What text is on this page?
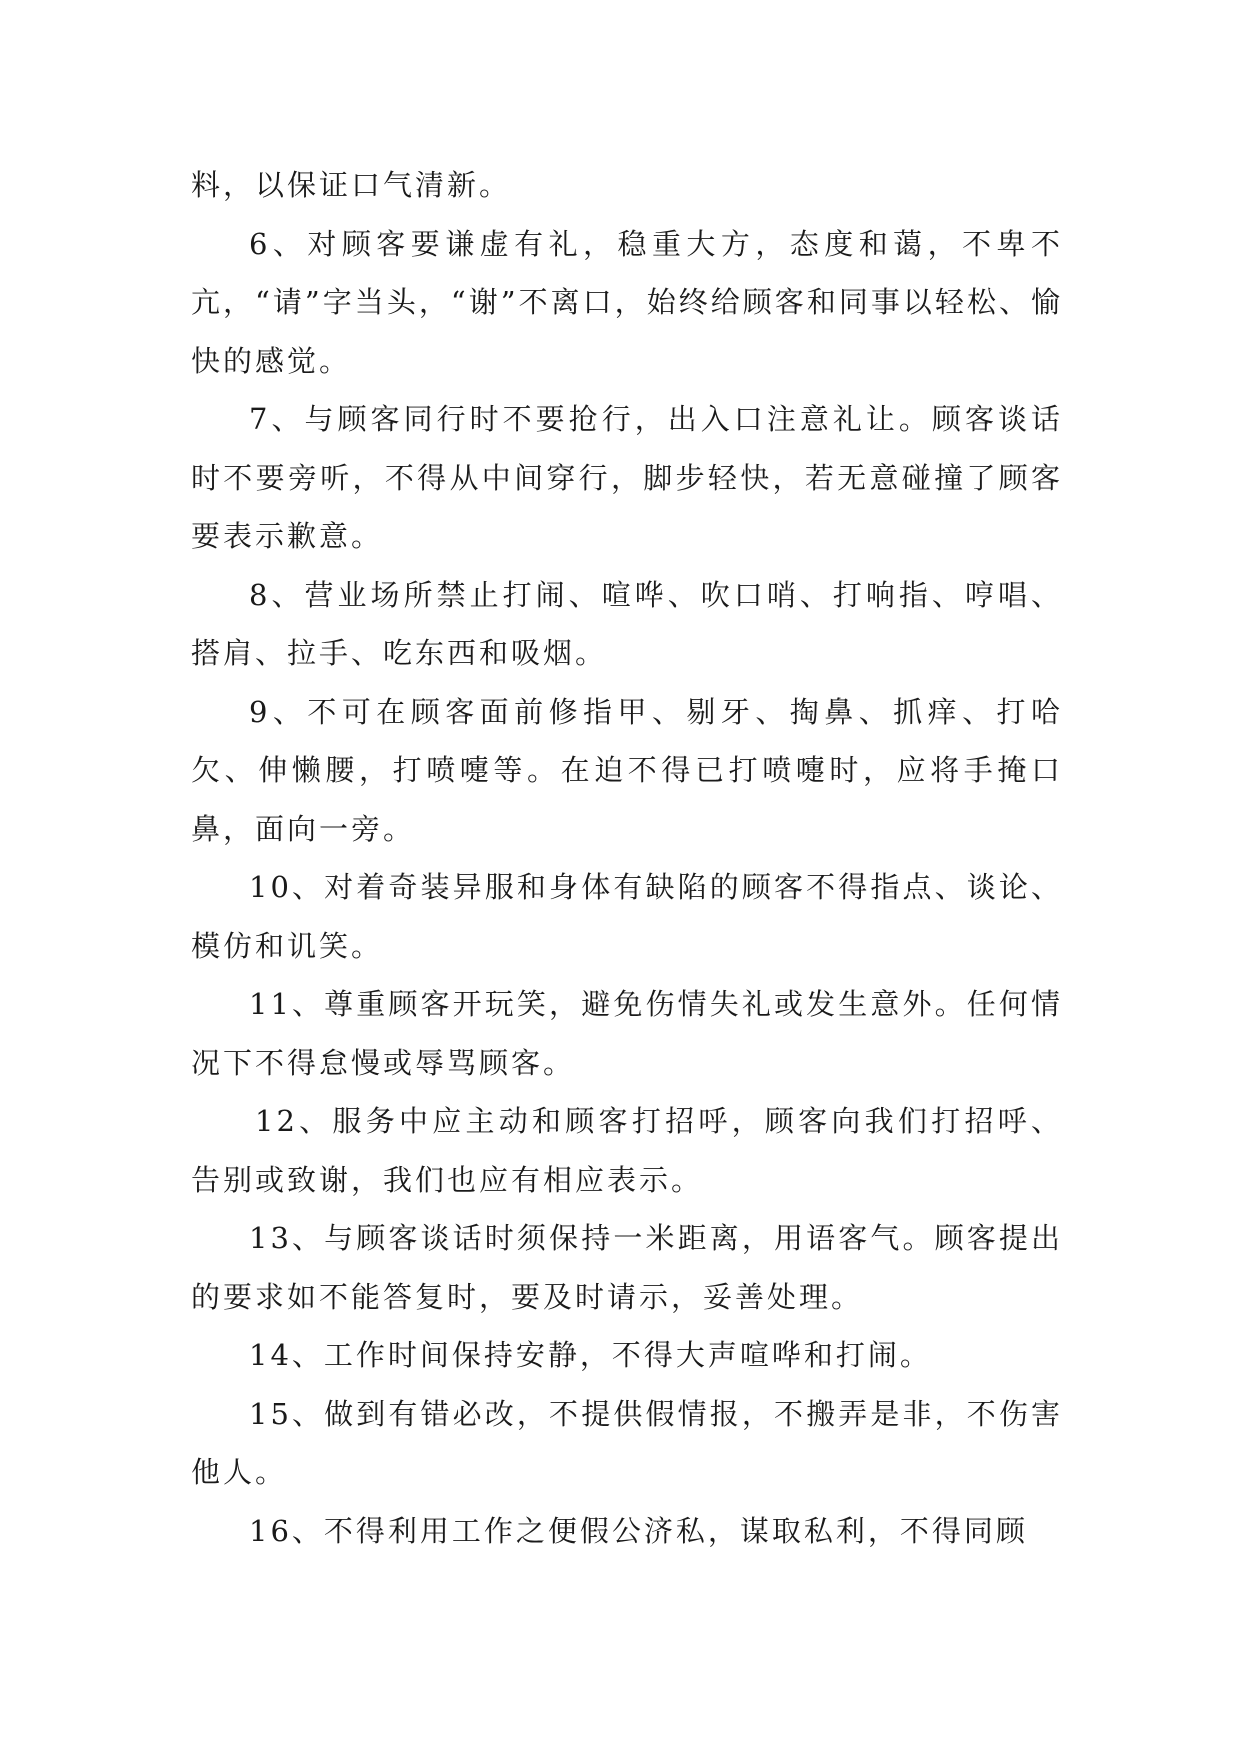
料，以保证口气清新。

6、对顾客要谦虚有礼，稳重大方，态度和蔼，不卑不亢，“请”字当头，“谢”不离口，始终给顾客和同事以轻松、愉快的感觉。

7、与顾客同行时不要抢行，出入口注意礼让。顾客谈话时不要旁听，不得从中间穿行，脚步轻快，若无意碰撞了顾客要表示歉意。

8、营业场所禁止打闹、喧哗、吹口哨、打响指、哼唱、搭肩、拉手、吃东西和吸烟。

9、不可在顾客面前修指甲、剔牙、掏鼻、抓痒、打哈欠、伸懒腰，打喷嚏等。在迫不得已打喷嚏时，应将手掩口鼻，面向一旁。

10、对着奇装异服和身体有缺陷的顾客不得指点、谈论、模仿和讥笑。

11、尊重顾客开玩笑，避免伤情失礼或发生意外。任何情况下不得怠慢或辱骂顾客。

12、服务中应主动和顾客打招呼，顾客向我们打招呼、告别或致谢，我们也应有相应表示。

13、与顾客谈话时须保持一米距离，用语客气。顾客提出的要求如不能答复时，要及时请示，妥善处理。

14、工作时间保持安静，不得大声喧哗和打闹。

15、做到有错必改，不提供假情报，不搬弄是非，不伤害他人。

16、不得利用工作之便假公济私，谋取私利，不得同顾
